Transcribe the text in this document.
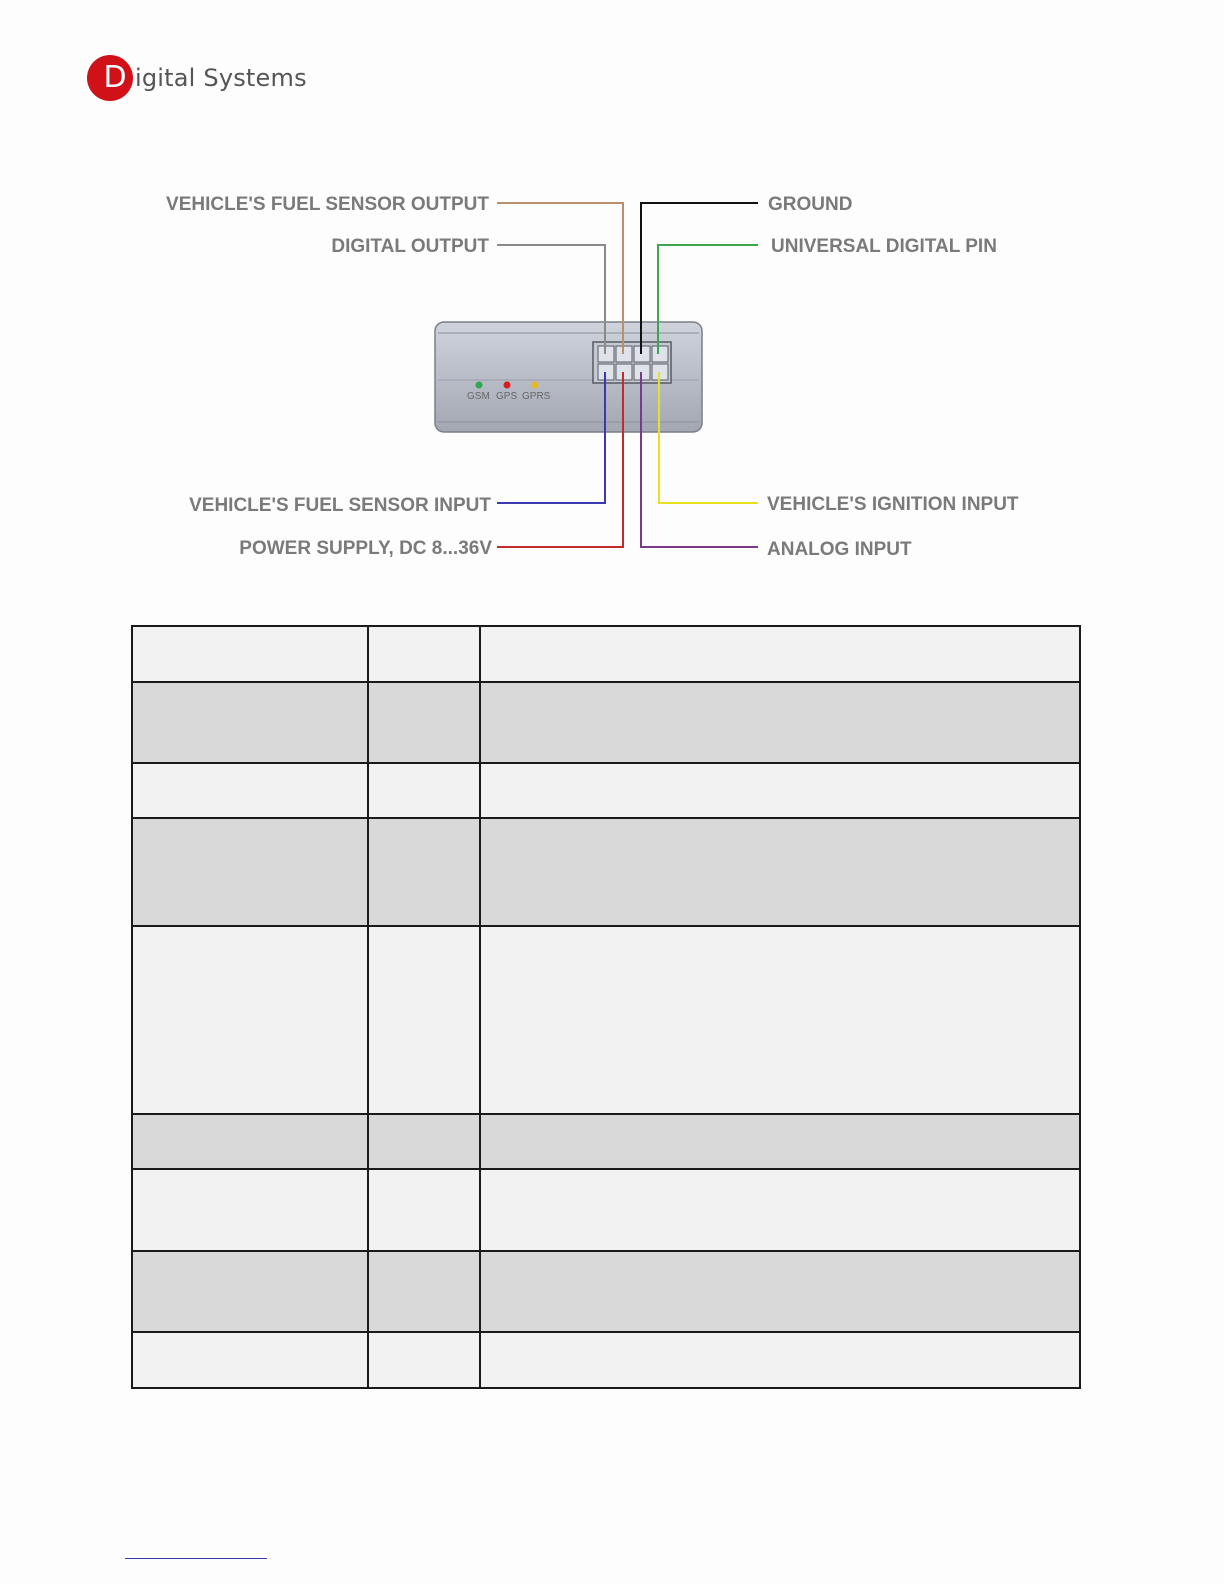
D igital Systems
GSM GPS GPRS
VEHICLE'S FUEL SENSOR OUTPUT
DIGITAL OUTPUT
GROUND
UNIVERSAL DIGITAL PIN
VEHICLE'S FUEL SENSOR INPUT
POWER SUPPLY, DC 8...36V
VEHICLE'S IGNITION INPUT
ANALOG INPUT
